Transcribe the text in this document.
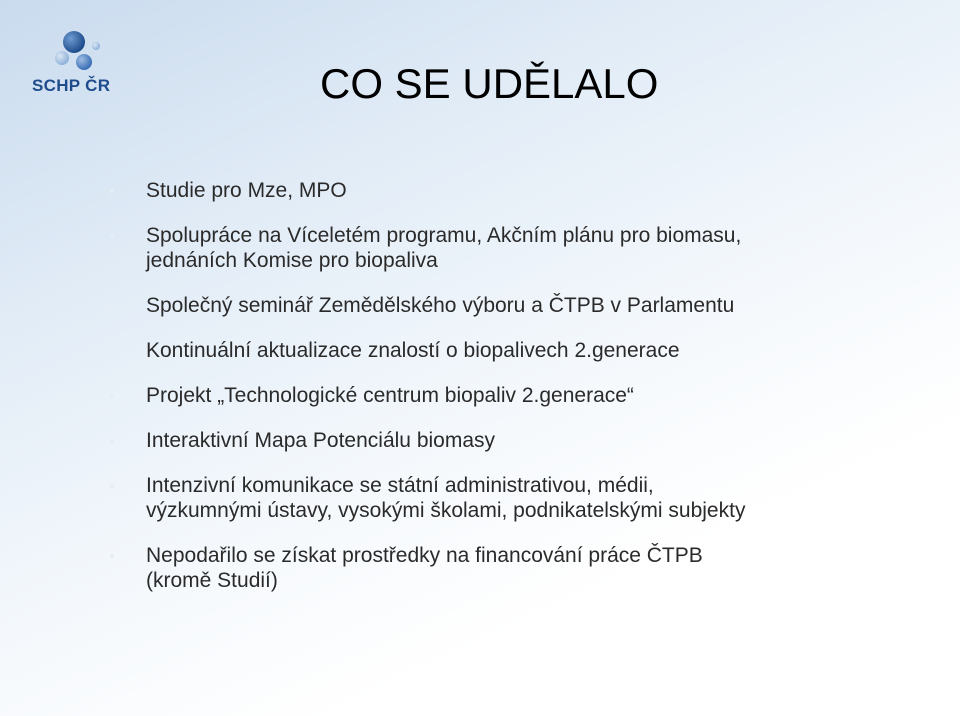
SCHP ČR	CO SE UDĚLALO
Studie pro Mze, MPO
Spolupráce na Víceletém programu, Akčním plánu pro biomasu,
jednáních Komise pro biopaliva
Společný seminář Zemědělského výboru a ČTPB v Parlamentu
Kontinuální aktualizace znalostí o biopalivech 2.generace
Projekt „Technologické centrum biopaliv 2.generace“
Interaktivní Mapa Potenciálu biomasy
Intenzivní komunikace se státní administrativou, médii,
výzkumnými ústavy, vysokými školami, podnikatelskými subjekty
Nepodařilo se získat prostředky na financování práce ČTPB
(kromě Studií)
